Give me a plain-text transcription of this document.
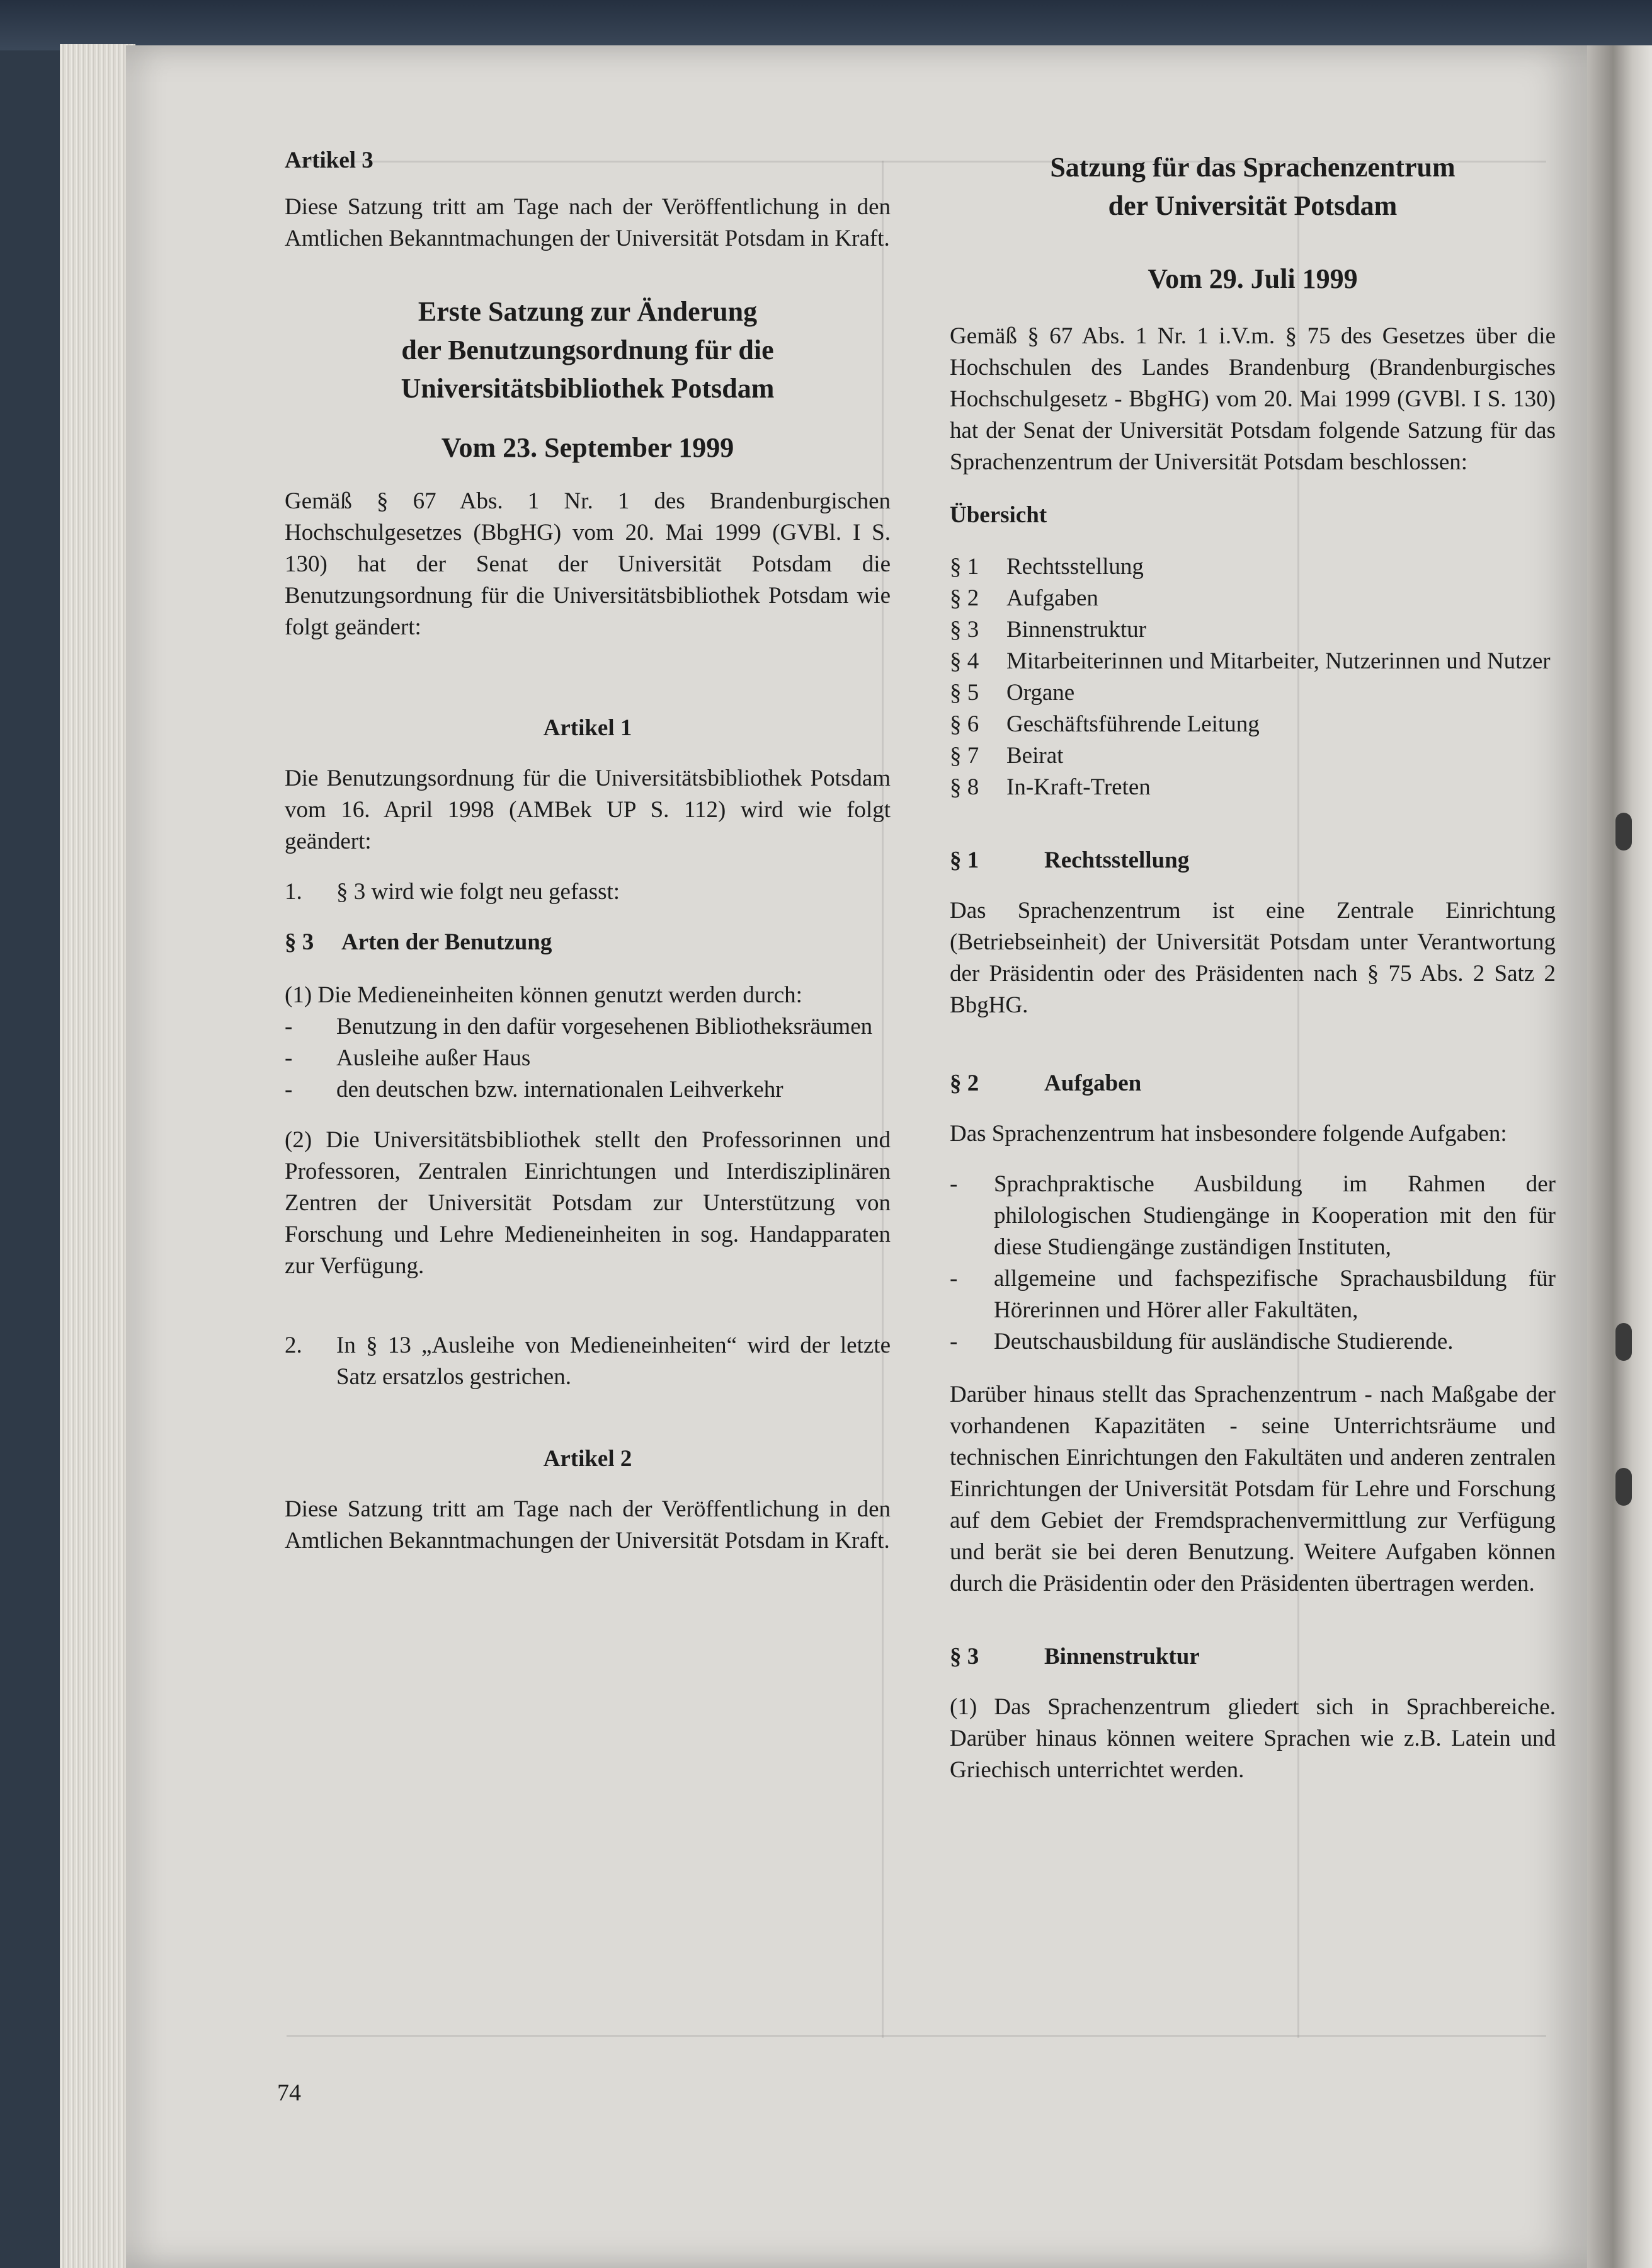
Artikel 3

Diese Satzung tritt am Tage nach der Veröffentlichung in den Amtlichen Bekanntmachungen der Universität Potsdam in Kraft.

Erste Satzung zur Änderung

der Benutzungsordnung für die

Universitätsbibliothek Potsdam

Vom 23. September 1999

Gemäß § 67 Abs. 1 Nr. 1 des Brandenburgischen Hochschulgesetzes (BbgHG) vom 20. Mai 1999 (GVBl. I S. 130) hat der Senat der Universität Potsdam die Benutzungsordnung für die Universitätsbibliothek Potsdam wie folgt geändert:

Artikel 1

Die Benutzungsordnung für die Universitätsbibliothek Potsdam vom 16. April 1998 (AMBek UP S. 112) wird wie folgt geändert:

1.	§ 3 wird wie folgt neu gefasst:
§ 3	Arten der Benutzung

(1) Die Medieneinheiten können genutzt werden durch:

-	Benutzung in den dafür vorgesehenen Bibliotheksräumen
-	Ausleihe außer Haus
-	den deutschen bzw. internationalen Leihverkehr

(2) Die Universitätsbibliothek stellt den Professorinnen und Professoren, Zentralen Einrichtungen und Interdisziplinären Zentren der Universität Potsdam zur Unterstützung von Forschung und Lehre Medieneinheiten in sog. Handapparaten zur Verfügung.

2.	In § 13 „Ausleihe von Medieneinheiten“ wird der letzte Satz ersatzlos gestrichen.

Artikel 2

Diese Satzung tritt am Tage nach der Veröffentlichung in den Amtlichen Bekanntmachungen der Universität Potsdam in Kraft.

Satzung für das Sprachenzentrum

der Universität Potsdam

Vom 29. Juli 1999

Gemäß § 67 Abs. 1 Nr. 1 i.V.m. § 75 des Gesetzes über die Hochschulen des Landes Brandenburg (Brandenburgisches Hochschulgesetz - BbgHG) vom 20. Mai 1999 (GVBl. I S. 130) hat der Senat der Universität Potsdam folgende Satzung für das Sprachenzentrum der Universität Potsdam beschlossen:

Übersicht

§ 1	Rechtsstellung
§ 2	Aufgaben
§ 3	Binnenstruktur
§ 4	Mitarbeiterinnen und Mitarbeiter, Nutzerinnen und Nutzer
§ 5	Organe
§ 6	Geschäftsführende Leitung
§ 7	Beirat
§ 8	In-Kraft-Treten
§ 1	Rechtsstellung

Das Sprachenzentrum ist eine Zentrale Einrichtung (Betriebseinheit) der Universität Potsdam unter Verantwortung der Präsidentin oder des Präsidenten nach § 75 Abs. 2 Satz 2 BbgHG.

§ 2	Aufgaben

Das Sprachenzentrum hat insbesondere folgende Aufgaben:

-	Sprachpraktische Ausbildung im Rahmen der philologischen Studiengänge in Kooperation mit den für diese Studiengänge zuständigen Instituten,
-	allgemeine und fachspezifische Sprachausbildung für Hörerinnen und Hörer aller Fakultäten,
-	Deutschausbildung für ausländische Studierende.

Darüber hinaus stellt das Sprachenzentrum - nach Maßgabe der vorhandenen Kapazitäten - seine Unterrichtsräume und technischen Einrichtungen den Fakultäten und anderen zentralen Einrichtungen der Universität Potsdam für Lehre und Forschung auf dem Gebiet der Fremdsprachenvermittlung zur Verfügung und berät sie bei deren Benutzung. Weitere Aufgaben können durch die Präsidentin oder den Präsidenten übertragen werden.

§ 3	Binnenstruktur

(1) Das Sprachenzentrum gliedert sich in Sprachbereiche. Darüber hinaus können weitere Sprachen wie z.B. Latein und Griechisch unterrichtet werden.

74
